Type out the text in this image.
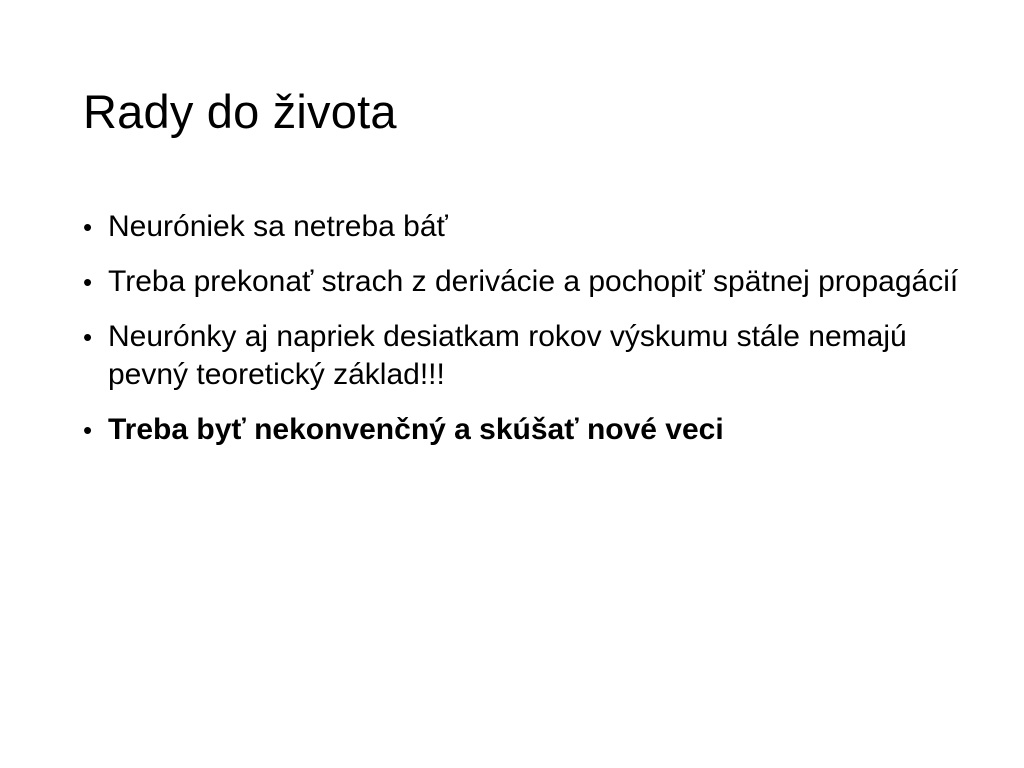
Rady do života
• Neuróniek sa netreba báť
• Treba prekonať strach z derivácie a pochopiť spätnej propagácií
• Neurónky aj napriek desiatkam rokov výskumu stále nemajú pevný teoretický základ!!!
• Treba byť nekonvenčný a skúšať nové veci
